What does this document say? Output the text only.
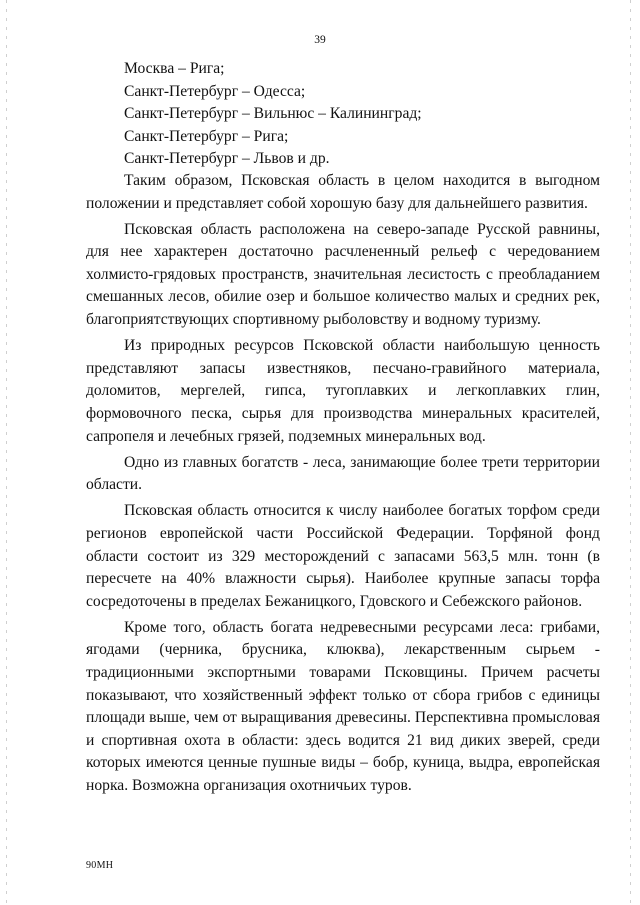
39
Москва – Рига;
Санкт-Петербург – Одесса;
Санкт-Петербург – Вильнюс – Калининград;
Санкт-Петербург – Рига;
Санкт-Петербург – Львов и др.

Таким образом, Псковская область в целом находится в выгодном положении и представляет собой хорошую базу для дальнейшего развития.

Псковская область расположена на северо-западе Русской равнины, для нее характерен достаточно расчлененный рельеф с чередованием холмисто-грядовых пространств, значительная лесистость с преобладанием смешанных лесов, обилие озер и большое количество малых и средних рек, благоприятствующих спортивному рыболовству и водному туризму.

Из природных ресурсов Псковской области наибольшую ценность представляют запасы известняков, песчано-гравийного материала, доломитов, мергелей, гипса, тугоплавких и легкоплавких глин, формовочного песка, сырья для производства минеральных красителей, сапропеля и лечебных грязей, подземных минеральных вод.

Одно из главных богатств - леса, занимающие более трети территории области.

Псковская область относится к числу наиболее богатых торфом среди регионов европейской части Российской Федерации. Торфяной фонд области состоит из 329 месторождений с запасами 563,5 млн. тонн (в пересчете на 40% влажности сырья). Наиболее крупные запасы торфа сосредоточены в пределах Бежаницкого, Гдовского и Себежского районов.

Кроме того, область богата недревесными ресурсами леса: грибами, ягодами (черника, брусника, клюква), лекарственным сырьем - традиционными экспортными товарами Псковщины. Причем расчеты показывают, что хозяйственный эффект только от сбора грибов с единицы площади выше, чем от выращивания древесины. Перспективна промысловая и спортивная охота в области: здесь водится 21 вид диких зверей, среди которых имеются ценные пушные виды – бобр, куница, выдра, европейская норка. Возможна организация охотничьих туров.

90МН
